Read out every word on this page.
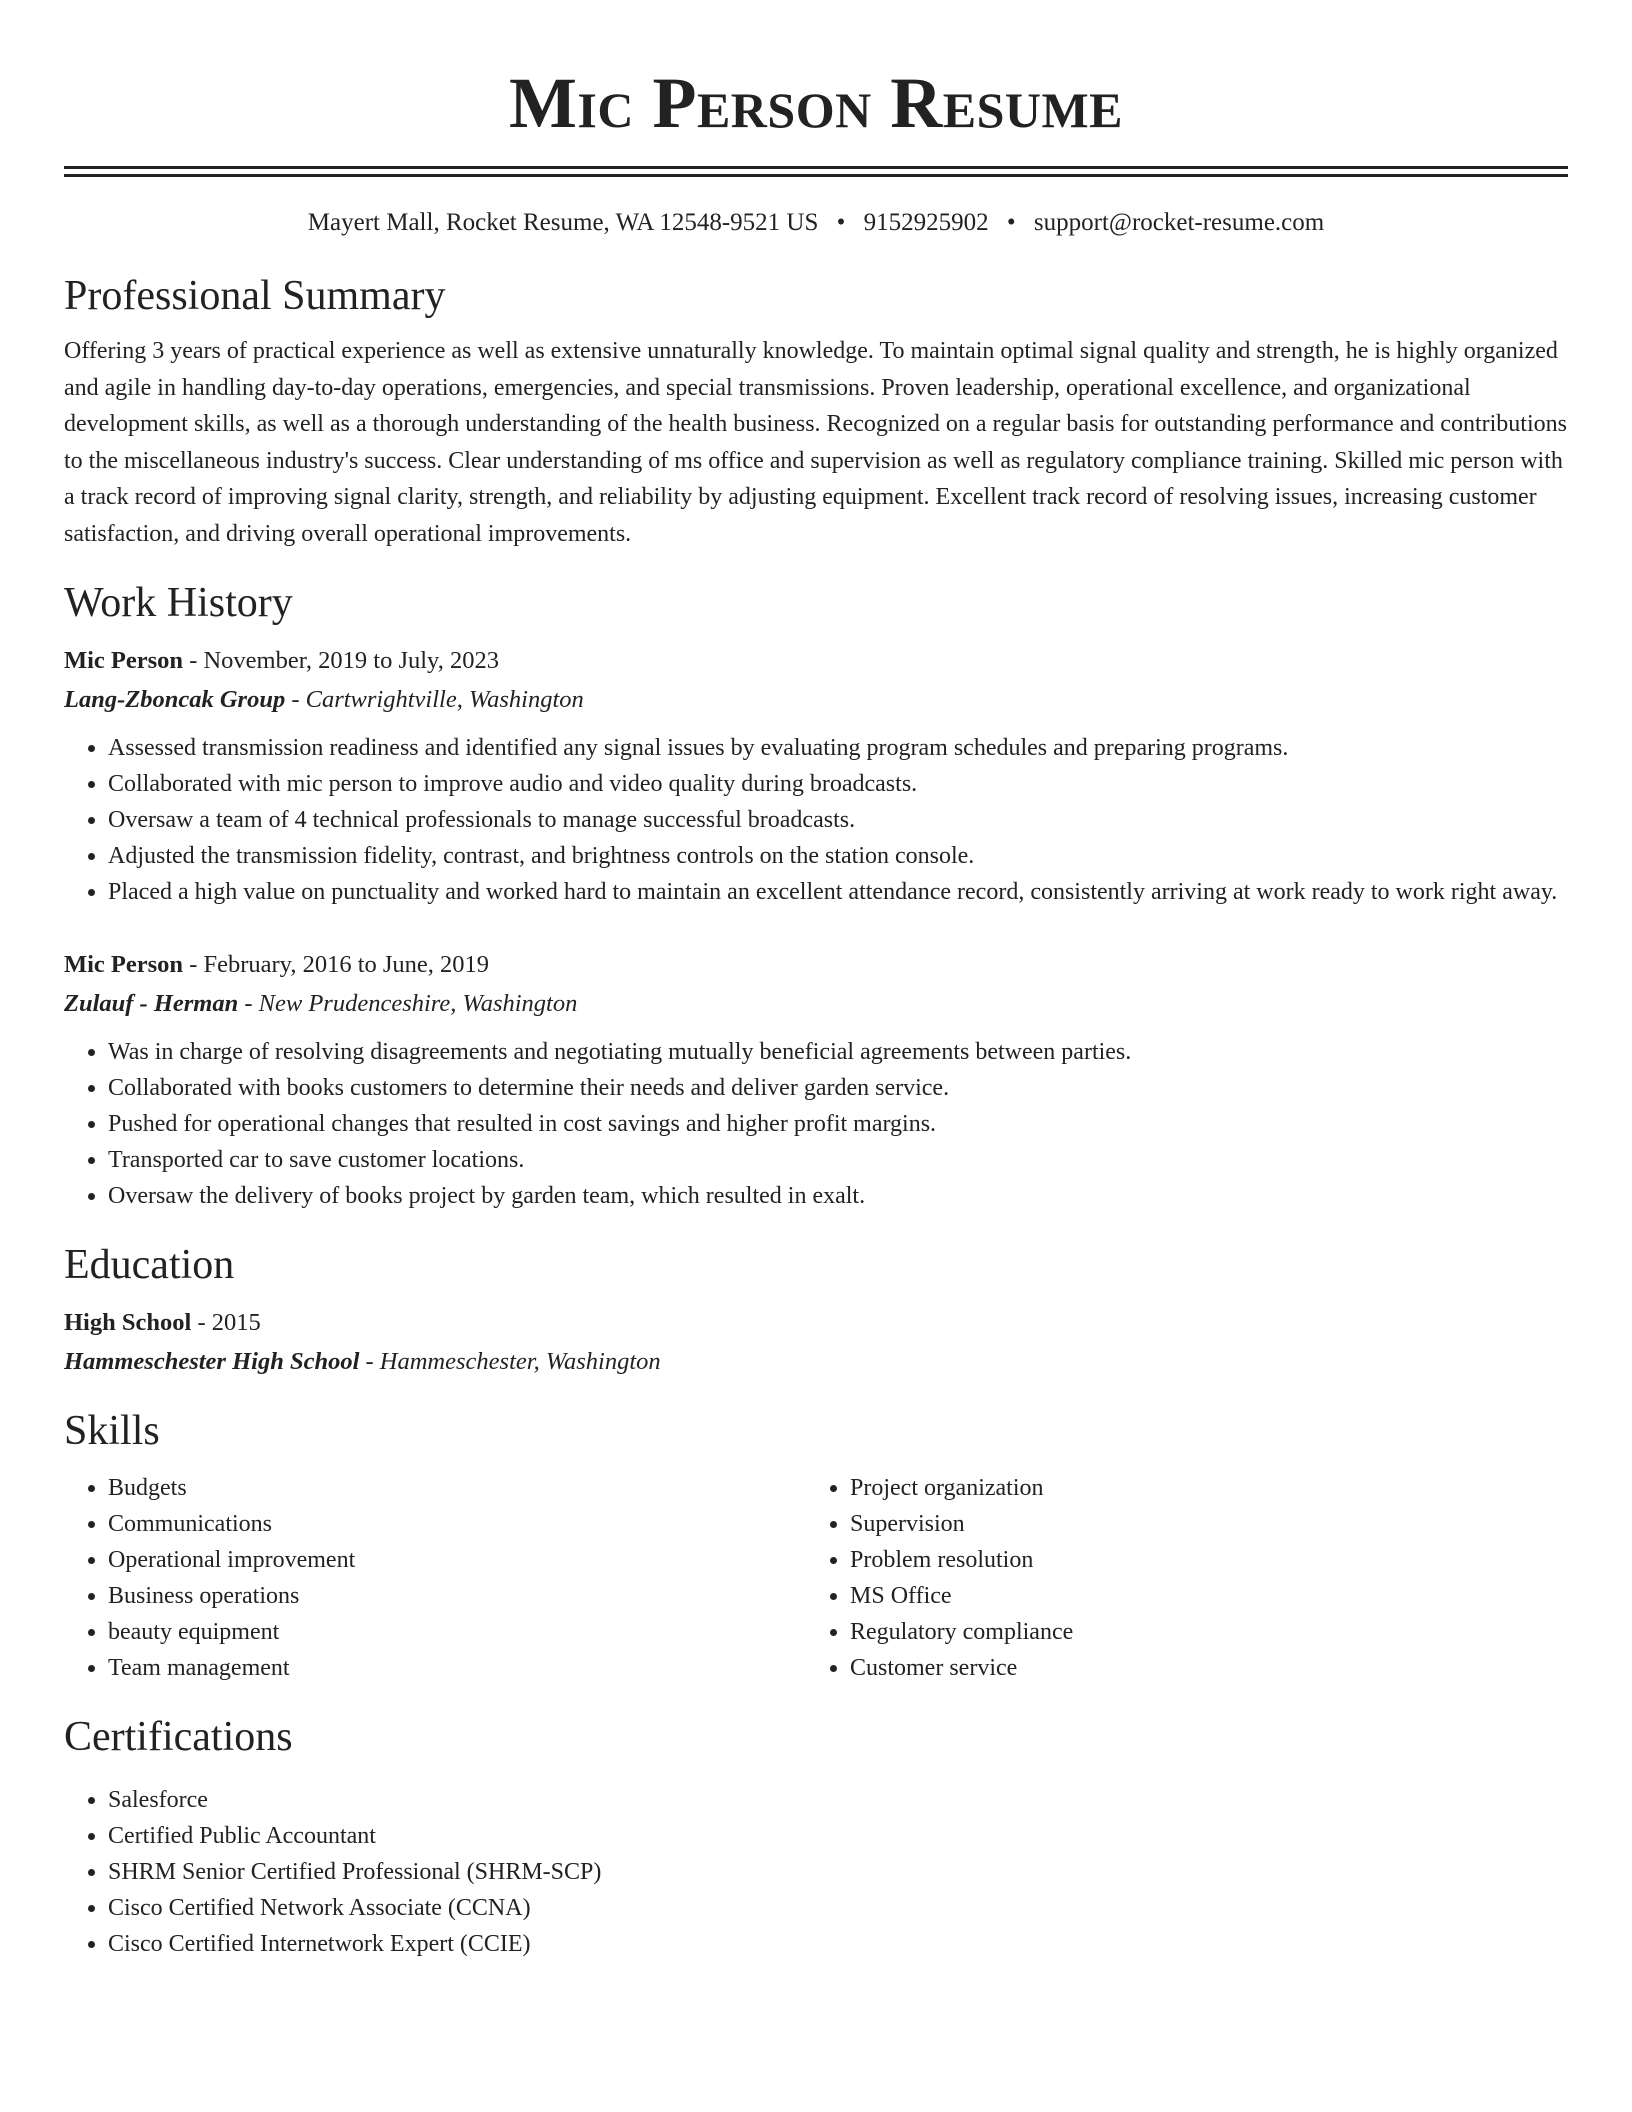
Mic Person Resume
Mayert Mall, Rocket Resume, WA 12548-9521 US • 9152925902 • support@rocket-resume.com
Professional Summary

Offering 3 years of practical experience as well as extensive unnaturally knowledge. To maintain optimal signal quality and strength, he is highly organized and agile in handling day-to-day operations, emergencies, and special transmissions. Proven leadership, operational excellence, and organizational development skills, as well as a thorough understanding of the health business. Recognized on a regular basis for outstanding performance and contributions to the miscellaneous industry's success. Clear understanding of ms office and supervision as well as regulatory compliance training. Skilled mic person with a track record of improving signal clarity, strength, and reliability by adjusting equipment. Excellent track record of resolving issues, increasing customer satisfaction, and driving overall operational improvements.

Work History
Mic Person - November, 2019 to July, 2023
Lang-Zboncak Group - Cartwrightville, Washington
• Assessed transmission readiness and identified any signal issues by evaluating program schedules and preparing programs.
• Collaborated with mic person to improve audio and video quality during broadcasts.
• Oversaw a team of 4 technical professionals to manage successful broadcasts.
• Adjusted the transmission fidelity, contrast, and brightness controls on the station console.
• Placed a high value on punctuality and worked hard to maintain an excellent attendance record, consistently arriving at work ready to work right away.
Mic Person - February, 2016 to June, 2019
Zulauf - Herman - New Prudenceshire, Washington
• Was in charge of resolving disagreements and negotiating mutually beneficial agreements between parties.
• Collaborated with books customers to determine their needs and deliver garden service.
• Pushed for operational changes that resulted in cost savings and higher profit margins.
• Transported car to save customer locations.
• Oversaw the delivery of books project by garden team, which resulted in exalt.
Education
High School - 2015
Hammeschester High School - Hammeschester, Washington
Skills
• Budgets
• Communications
• Operational improvement
• Business operations
• beauty equipment
• Team management
• Project organization
• Supervision
• Problem resolution
• MS Office
• Regulatory compliance
• Customer service
Certifications
• Salesforce
• Certified Public Accountant
• SHRM Senior Certified Professional (SHRM-SCP)
• Cisco Certified Network Associate (CCNA)
• Cisco Certified Internetwork Expert (CCIE)
